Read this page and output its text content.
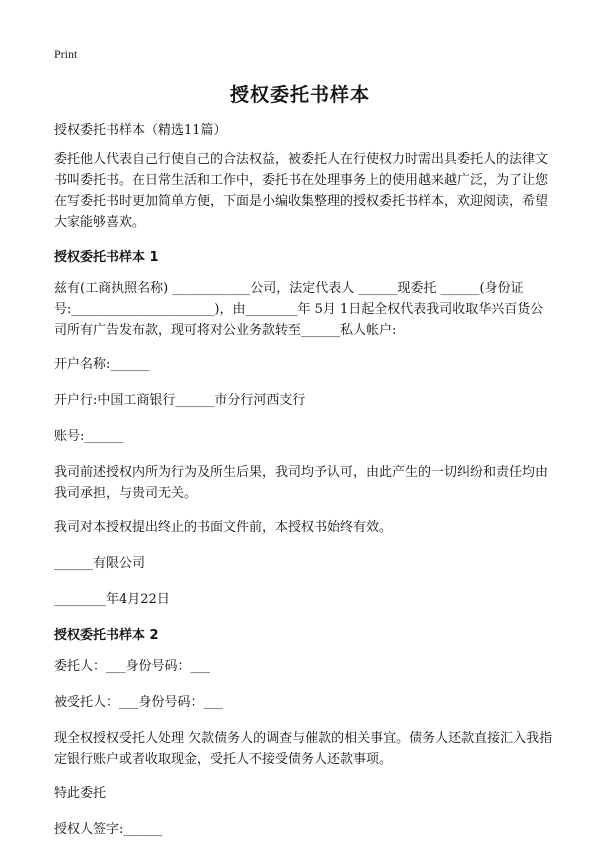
Print
授权委托书样本

授权委托书样本（精选11篇）

委托他人代表自己行使自己的合法权益，被委托人在行使权力时需出具委托人的法律文书叫委托书。在日常生活和工作中，委托书在处理事务上的使用越来越广泛，为了让您在写委托书时更加简单方便，下面是小编收集整理的授权委托书样本，欢迎阅读，希望大家能够喜欢。

授权委托书样本 1

兹有(工商执照名称) ____________公司，法定代表人 ______现委托 ______(身份证号:______________________)，由________年 5月 1日起全权代表我司收取华兴百货公司所有广告发布款，现可将对公业务款转至______私人帐户:

开户名称:______

开户行:中国工商银行______市分行河西支行

账号:______

我司前述授权内所为行为及所生后果，我司均予认可，由此产生的一切纠纷和责任均由我司承担，与贵司无关。

我司对本授权提出终止的书面文件前，本授权书始终有效。

______有限公司

________年4月22日

授权委托书样本 2

委托人：___身份号码：___

被受托人：___身份号码：___

现全权授权受托人处理 欠款债务人的调查与催款的相关事宜。债务人还款直接汇入我指定银行账户或者收取现金，受托人不接受债务人还款事项。

特此委托

授权人签字:______
